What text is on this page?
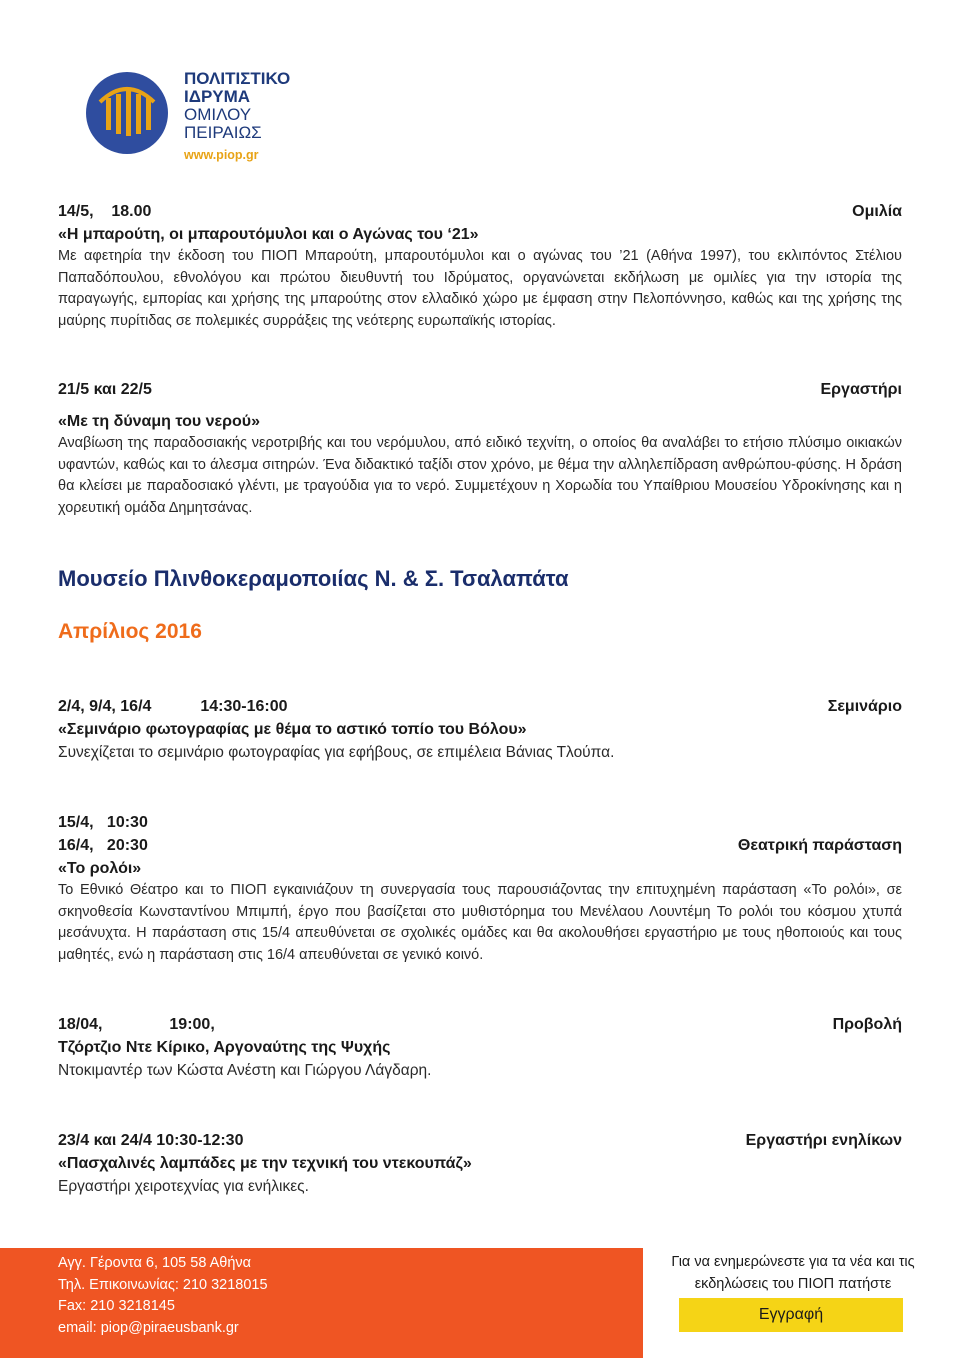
ΠΟΛΙΤΙΣΤΙΚΟ
ΙΔΡΥΜΑ
ΟΜΙΛΟΥ
ΠΕΙΡΑΙΩΣ
www.piop.gr
14/5,    18.00	Ομιλία
«Η μπαρούτη, οι μπαρουτόμυλοι και ο Αγώνας του ‘21»
Με αφετηρία την έκδοση του ΠΙΟΠ Μπαρούτη, μπαρουτόμυλοι και ο αγώνας του ’21 (Αθήνα 1997), του εκλιπόντος Στέλιου Παπαδόπουλου, εθνολόγου και πρώτου διευθυντή του Ιδρύματος, οργανώνεται εκδήλωση με ομιλίες για την ιστορία της παραγωγής, εμπορίας και χρήσης της μπαρούτης στον ελλαδικό χώρο με έμφαση στην Πελοπόννησο, καθώς και της χρήσης της μαύρης πυρίτιδας σε πολεμικές συρράξεις της νεότερης ευρωπαϊκής ιστορίας.
21/5 και 22/5	Εργαστήρι
«Με τη δύναμη του νερού»
Αναβίωση της παραδοσιακής νεροτριβής και του νερόμυλου, από ειδικό τεχνίτη, ο οποίος θα αναλάβει το ετήσιο πλύσιμο οικιακών υφαντών, καθώς και το άλεσμα σιτηρών. Ένα διδακτικό ταξίδι στον χρόνο, με θέμα την αλληλεπίδραση ανθρώπου-φύσης. Η δράση θα κλείσει με παραδοσιακό γλέντι, με τραγούδια για το νερό. Συμμετέχουν η Χορωδία του Υπαίθριου Μουσείου Υδροκίνησης και η χορευτική ομάδα Δημητσάνας.
Μουσείο Πλινθοκεραμοποιίας Ν. & Σ. Τσαλαπάτα
Απρίλιος 2016
2/4, 9/4, 16/4	14:30-16:00	Σεμινάριο
«Σεμινάριο φωτογραφίας με θέμα το αστικό τοπίο του Βόλου»
Συνεχίζεται το σεμινάριο φωτογραφίας για εφήβους, σε επιμέλεια Βάνιας Τλούπα.
15/4,   10:30
16/4,   20:30	Θεατρική παράσταση
«Το ρολόι»
Το Εθνικό Θέατρο και το ΠΙΟΠ εγκαινιάζουν τη συνεργασία τους παρουσιάζοντας την επιτυχημένη παράσταση «Το ρολόι», σε σκηνοθεσία Κωνσταντίνου Μπιμπή, έργο που βασίζεται στο μυθιστόρημα του Μενέλαου Λουντέμη Το ρολόι του κόσμου χτυπά μεσάνυχτα. Η παράσταση στις 15/4 απευθύνεται σε σχολικές ομάδες και θα ακολουθήσει εργαστήριο με τους ηθοποιούς και τους μαθητές, ενώ η παράσταση στις 16/4 απευθύνεται σε γενικό κοινό.
18/04,	19:00,	Προβολή
Τζόρτζιο Ντε Κίρικο, Αργοναύτης της Ψυχής
Ντοκιμαντέρ των Κώστα Ανέστη και Γιώργου Λάγδαρη.
23/4 και 24/4 10:30-12:30	Εργαστήρι ενηλίκων
«Πασχαλινές λαμπάδες με την τεχνική του ντεκουπάζ»
Εργαστήρι χειροτεχνίας για ενήλικες.
Αγγ. Γέροντα 6, 105 58 Αθήνα
Τηλ. Επικοινωνίας: 210 3218015
Fax: 210 3218145
email: piop@piraeusbank.gr
Για να ενημερώνεστε για τα νέα και τις εκδηλώσεις του ΠΙΟΠ πατήστε
Εγγραφή
